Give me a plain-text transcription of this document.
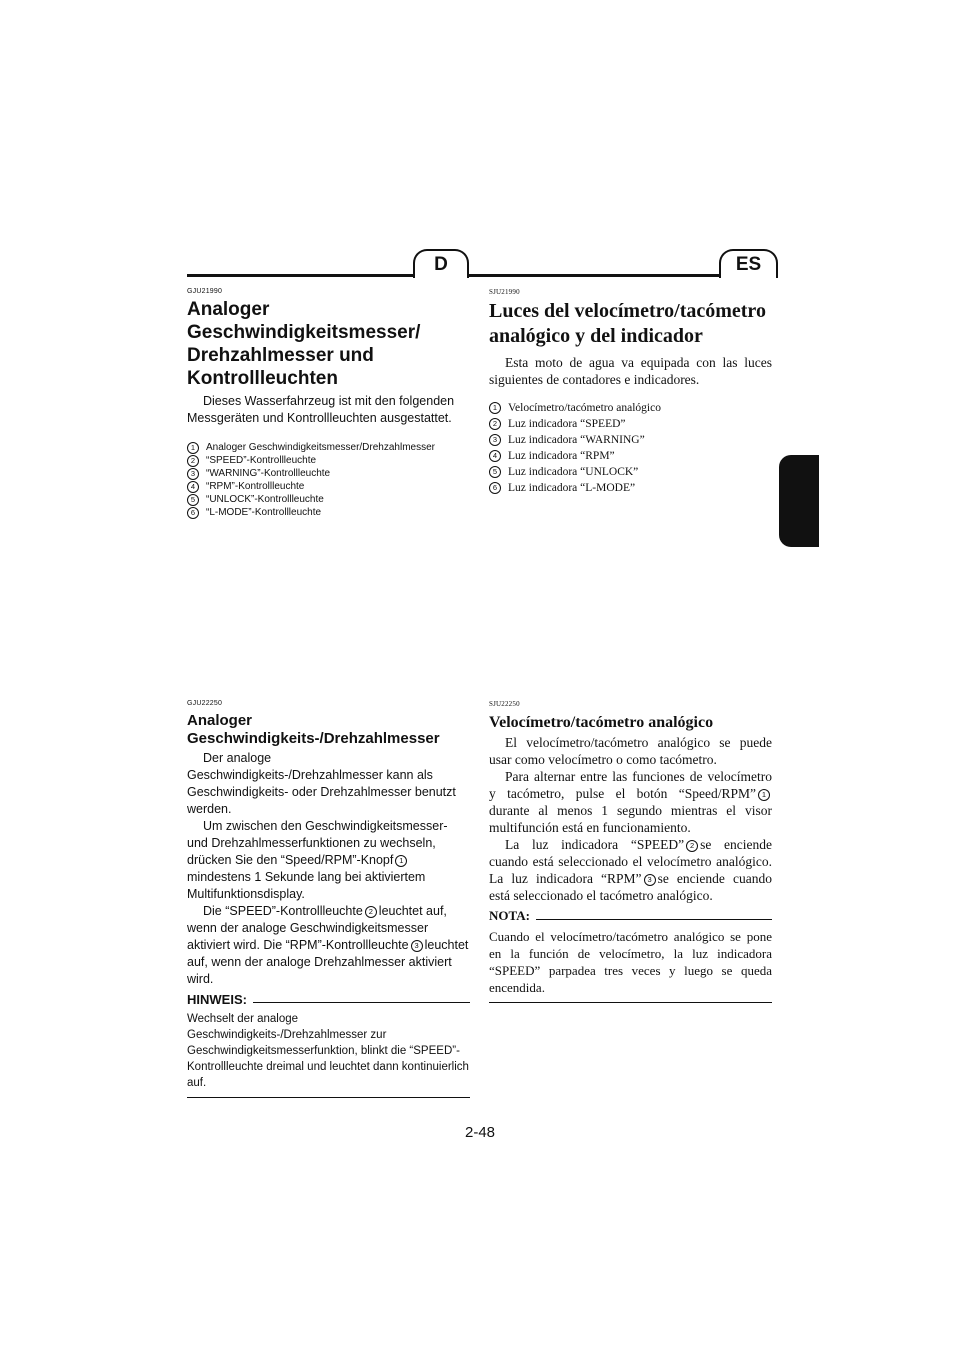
D	ES
GJU21990
Analoger
Geschwindigkeitsmesser/
Drehzahlmesser und
Kontrollleuchten

Dieses Wasserfahrzeug ist mit den folgenden Messgeräten und Kontrollleuchten ausgestattet.

1	Analoger Geschwindigkeitsmesser/Drehzahlmesser
2	“SPEED”-Kontrollleuchte
3	“WARNING”-Kontrollleuchte
4	“RPM”-Kontrollleuchte
5	“UNLOCK”-Kontrollleuchte
6	“L-MODE”-Kontrollleuchte
SJU21990
Luces del velocímetro/tacómetro
analógico y del indicador

Esta moto de agua va equipada con las luces siguientes de contadores e indicadores.

1 Velocímetro/tacómetro analógico
2 Luz indicadora “SPEED”
3 Luz indicadora “WARNING”
4 Luz indicadora “RPM”
5 Luz indicadora “UNLOCK”
6 Luz indicadora “L-MODE”
GJU22250
Analoger Geschwindigkeits-/Drehzahlmesser

Der analoge Geschwindigkeits-/Drehzahlmesser kann als Geschwindigkeits- oder Drehzahlmesser benutzt werden.

Um zwischen den Geschwindigkeitsmesser- und Drehzahlmesserfunktionen zu wechseln, drücken Sie den “Speed/RPM”-Knopf 1mindestens 1 Sekunde lang bei aktiviertem Multifunktionsdisplay.

Die “SPEED”-Kontrollleuchte 2 leuchtet auf, wenn der analoge Geschwindigkeitsmesser aktiviert wird. Die “RPM”-Kontrollleuchte 3 leuchtet auf, wenn der analoge Drehzahlmesser aktiviert wird.

HINWEIS:

Wechselt der analoge Geschwindigkeits-/Drehzahlmesser zur Geschwindigkeitsmesserfunktion, blinkt die “SPEED”-Kontrollleuchte dreimal und leuchtet dann kontinuierlich auf.

SJU22250
Velocímetro/tacómetro analógico

El velocímetro/tacómetro analógico se puede usar como velocímetro o como tacómetro.

Para alternar entre las funciones de velocímetro y tacómetro, pulse el botón “Speed/RPM” 1durante al menos 1 segundo mientras el visor multifunción está en funcionamiento.

La luz indicadora “SPEED” 2 se enciende cuando está seleccionado el velocímetro analógico. La luz indicadora “RPM” 3 se enciende cuando está seleccionado el tacómetro analógico.

NOTA:

Cuando el velocímetro/tacómetro analógico se pone en la función de velocímetro, la luz indicadora “SPEED” parpadea tres veces y luego se queda encendida.

2-48
